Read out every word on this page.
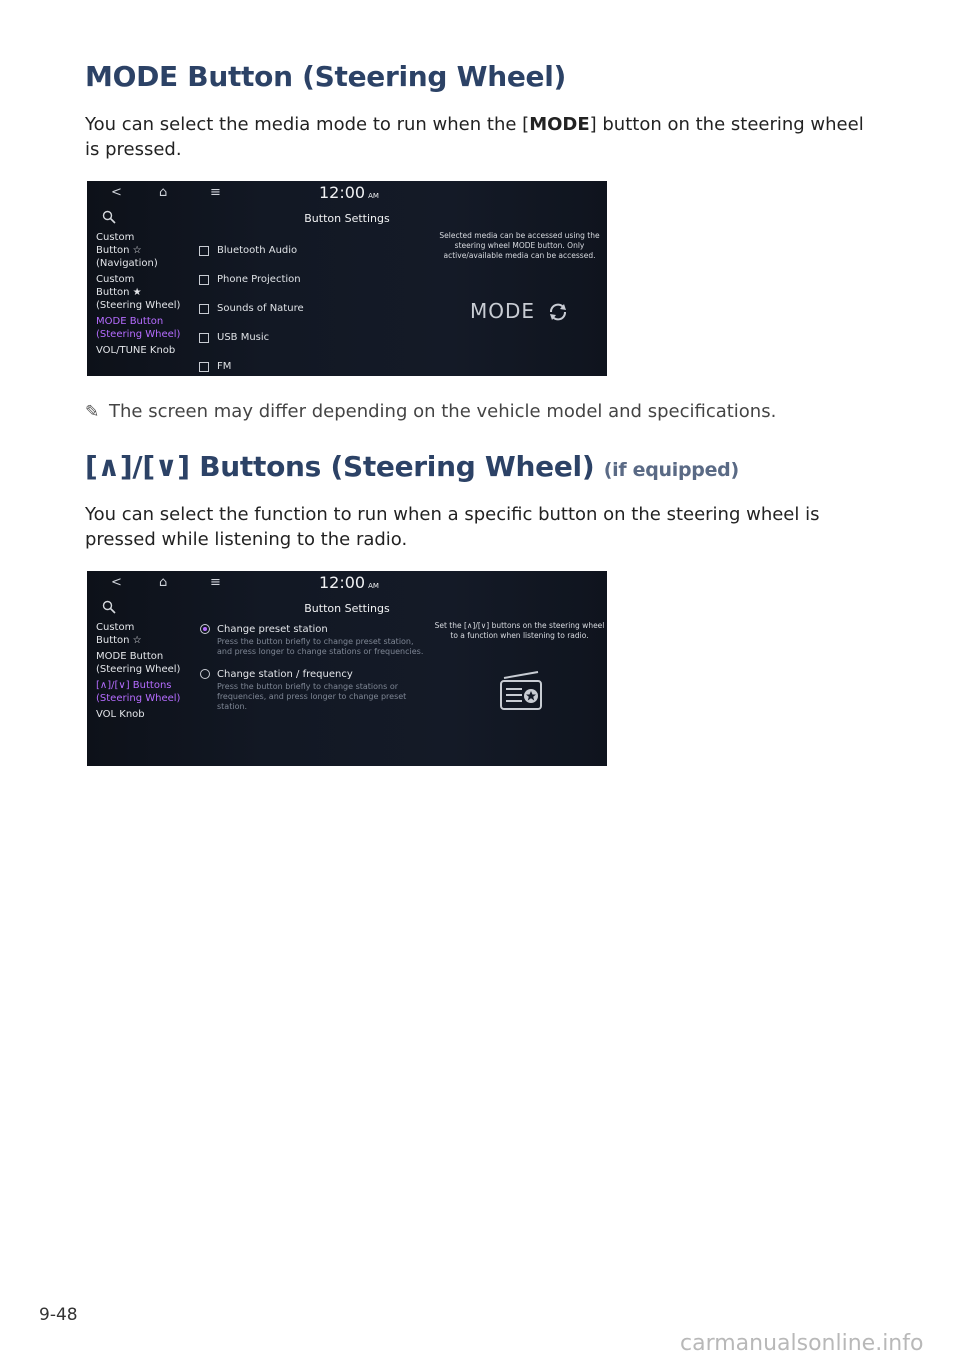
MODE Button (Steering Wheel)

You can select the media mode to run when the [MODE] button on the steering wheel is pressed.

<	⌂	≡	12:00 AM
Button Settings
Custom
Button ☆
(Navigation)
Custom
Button ★
(Steering Wheel)
MODE Button
(Steering Wheel)
VOL/TUNE Knob
Bluetooth Audio
Phone Projection
Sounds of Nature
USB Music
FM
Selected media can be accessed using the steering wheel MODE button. Only active/available media can be accessed.
MODE
✎ The screen may differ depending on the vehicle model and specifications.
[∧]/[∨] Buttons (Steering Wheel) (if equipped)

You can select the function to run when a specific button on the steering wheel is pressed while listening to the radio.

<	⌂	≡	12:00 AM
Button Settings
Custom
Button ☆
MODE Button
(Steering Wheel)
[∧]/[∨] Buttons
(Steering Wheel)
VOL Knob
Change preset station
Press the button briefly to change preset station, and press longer to change stations or frequencies.
Change station / frequency
Press the button briefly to change stations or frequencies, and press longer to change preset station.
Set the [∧]/[∨] buttons on the steering wheel to a function when listening to radio.
9-48
carmanualsonline.info
